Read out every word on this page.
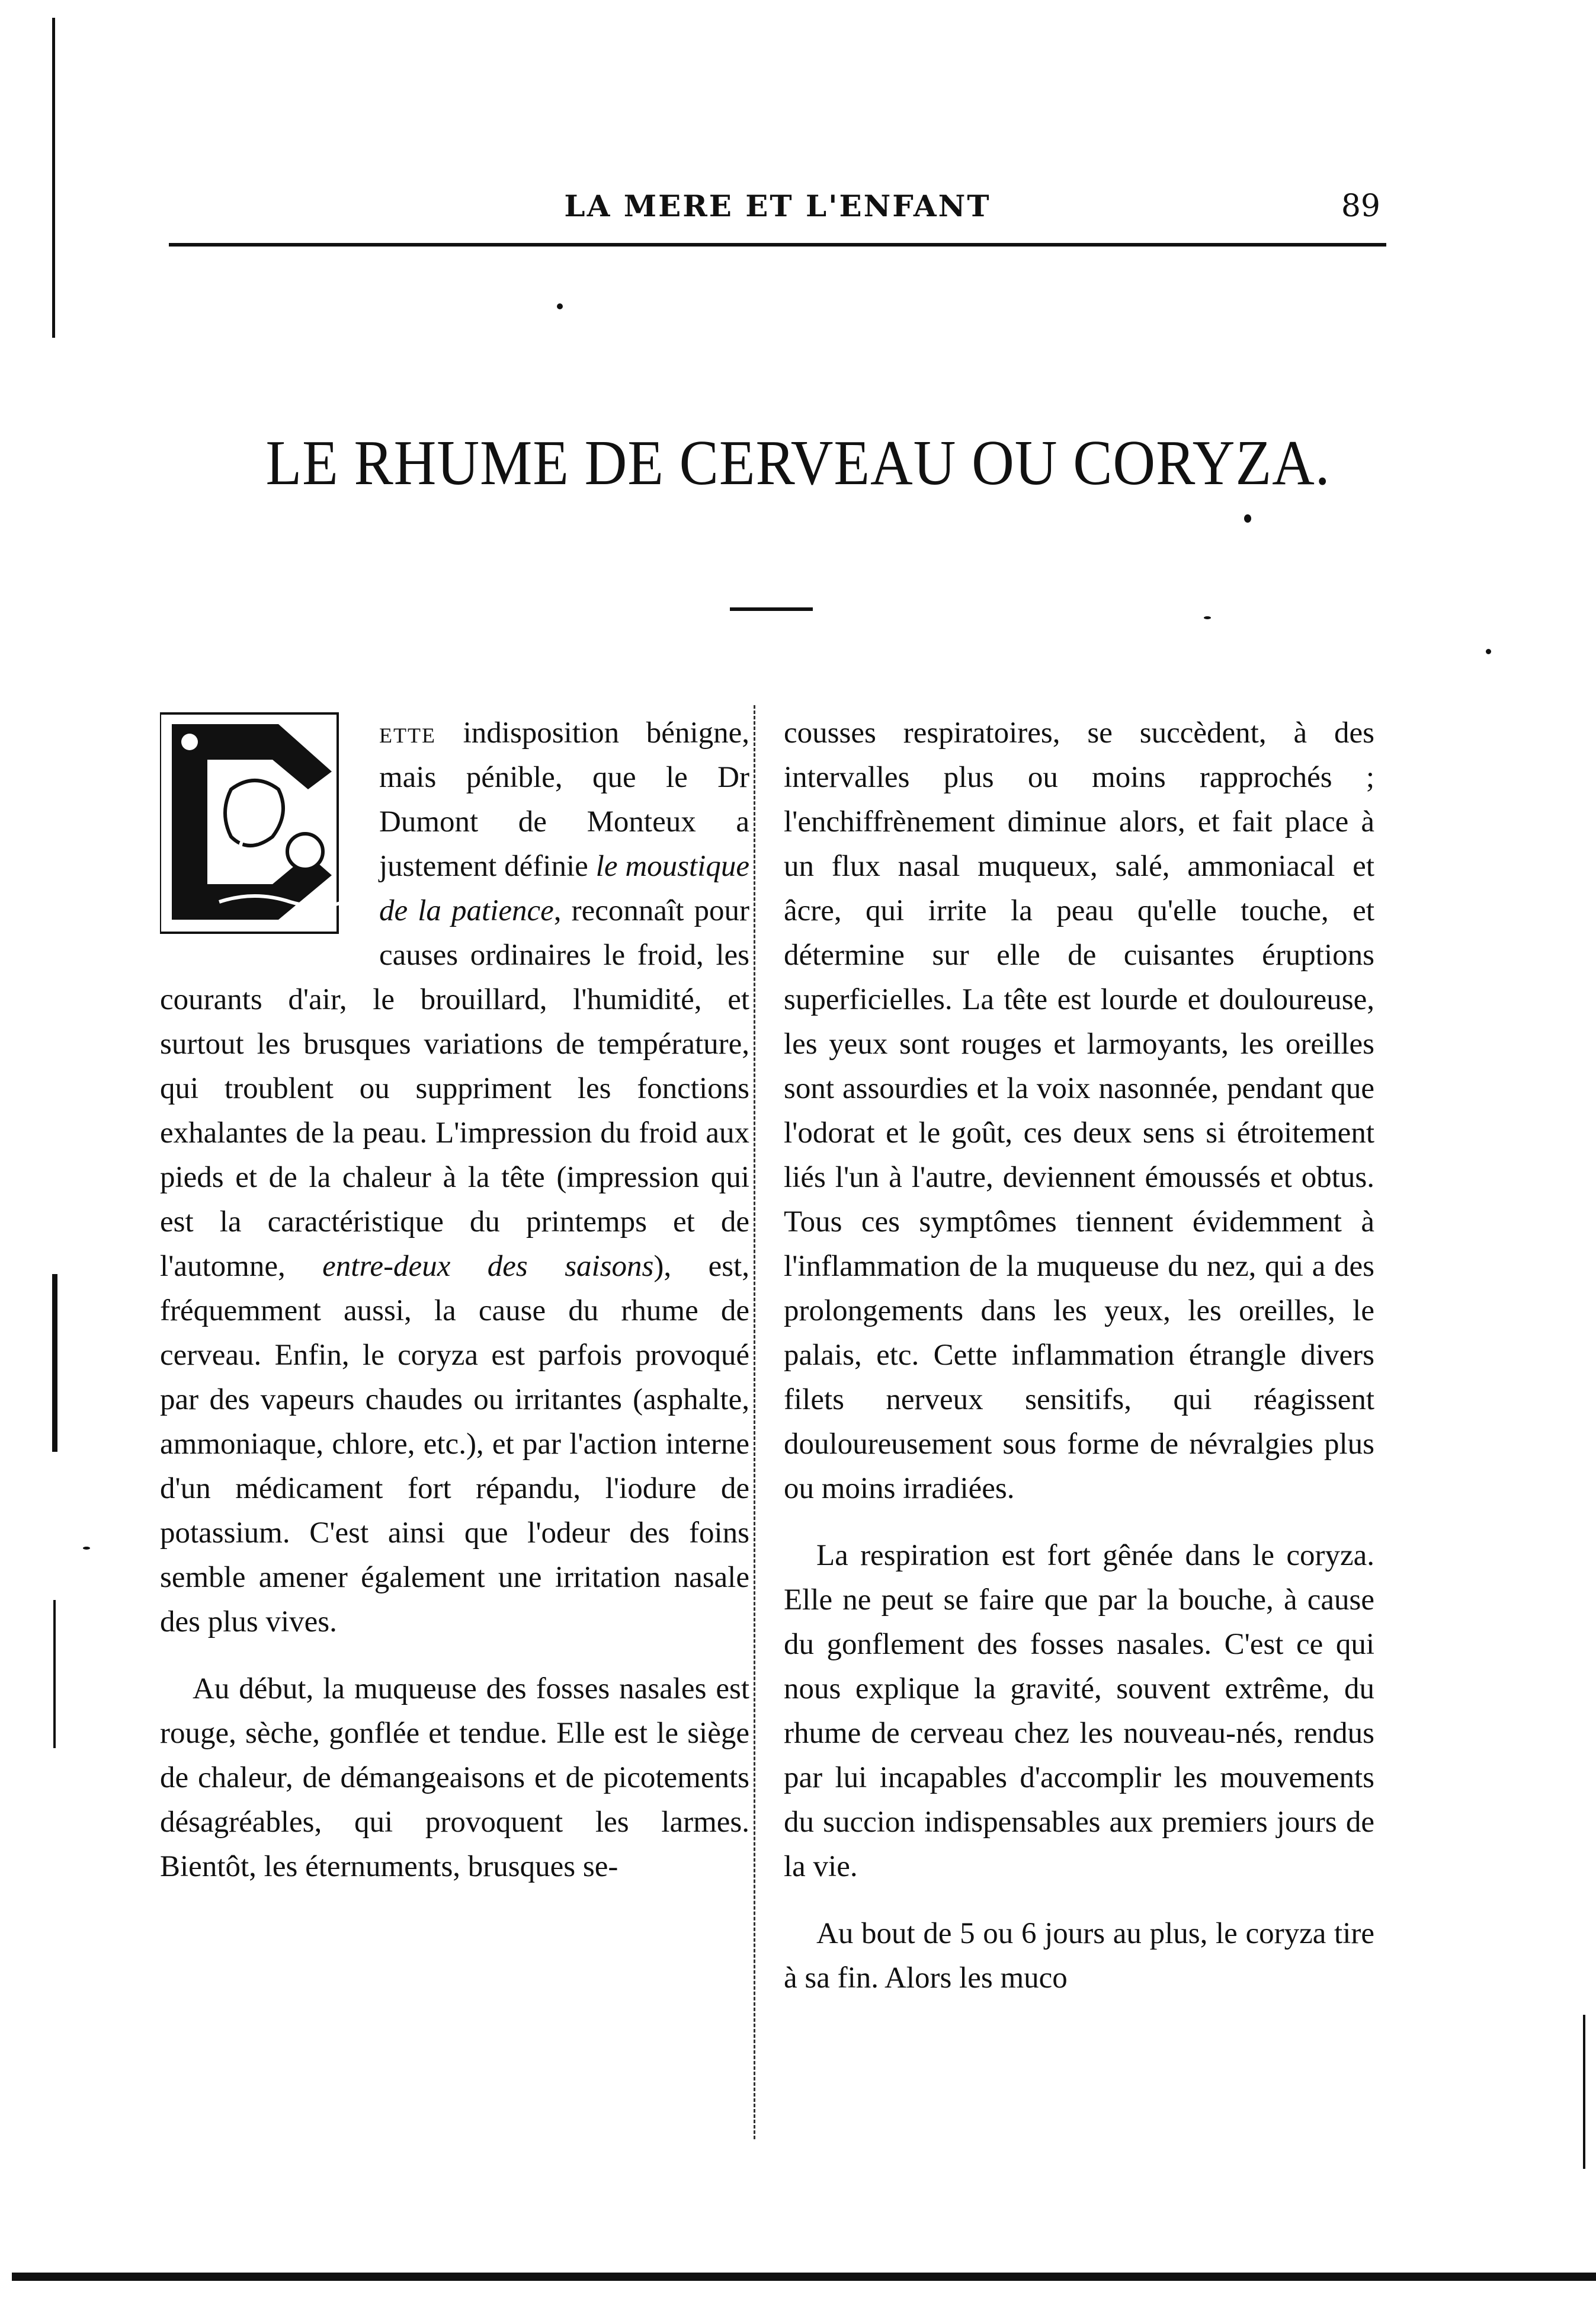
LA MERE ET L'ENFANT	89
LE RHUME DE CERVEAU OU CORYZA.

C
ette indisposition bénigne, mais pénible, que le Dr Dumont de Monteux a justement définie le moustique de la patience, reconnaît pour causes ordinaires le froid, les courants d'air, le brouillard, l'humidité, et surtout les brusques variations de température, qui troublent ou suppriment les fonctions exhalantes de la peau. L'impression du froid aux pieds et de la chaleur à la tête (impression qui est la caractéristique du printemps et de l'automne, entre-deux des saisons), est, fréquemment aussi, la cause du rhume de cerveau. Enfin, le coryza est parfois provoqué par des vapeurs chaudes ou irritantes (asphalte, ammoniaque, chlore, etc.), et par l'action interne d'un médicament fort répandu, l'iodure de potassium. C'est ainsi que l'odeur des foins semble amener également une irritation nasale des plus vives.

Au début, la muqueuse des fosses nasales est rouge, sèche, gonflée et tendue. Elle est le siège de chaleur, de démangeaisons et de picotements désagréables, qui provoquent les larmes. Bientôt, les éternuments, brusques se-

cousses respiratoires, se succèdent, à des intervalles plus ou moins rapprochés ; l'enchiffrènement diminue alors, et fait place à un flux nasal muqueux, salé, ammoniacal et âcre, qui irrite la peau qu'elle touche, et détermine sur elle de cuisantes éruptions superficielles. La tête est lourde et douloureuse, les yeux sont rouges et larmoyants, les oreilles sont assourdies et la voix nasonnée, pendant que l'odorat et le goût, ces deux sens si étroitement liés l'un à l'autre, deviennent émoussés et obtus. Tous ces symptômes tiennent évidemment à l'inflammation de la muqueuse du nez, qui a des prolongements dans les yeux, les oreilles, le palais, etc. Cette inflammation étrangle divers filets nerveux sensitifs, qui réagissent douloureusement sous forme de névralgies plus ou moins irradiées.

La respiration est fort gênée dans le coryza. Elle ne peut se faire que par la bouche, à cause du gonflement des fosses nasales. C'est ce qui nous explique la gravité, souvent extrême, du rhume de cerveau chez les nouveau-nés, rendus par lui incapables d'accomplir les mouvements du succion indispensables aux premiers jours de la vie.

Au bout de 5 ou 6 jours au plus, le coryza tire à sa fin. Alors les muco
